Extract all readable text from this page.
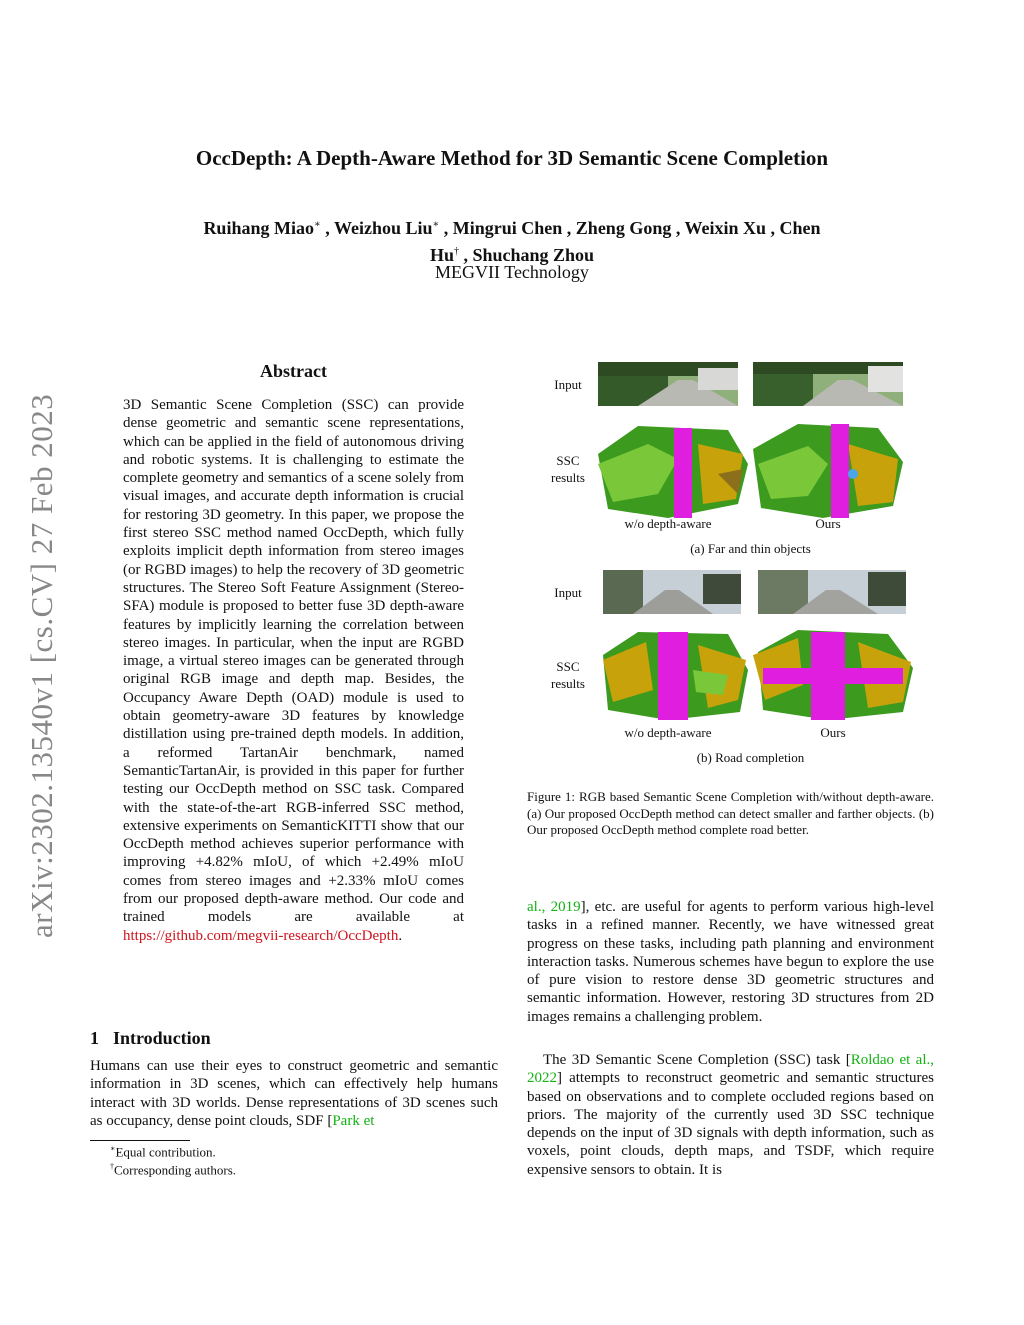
OccDepth: A Depth-Aware Method for 3D Semantic Scene Completion
Ruihang Miao∗ , Weizhou Liu∗ , Mingrui Chen , Zheng Gong , Weixin Xu , Chen
Hu† , Shuchang Zhou
MEGVII Technology
arXiv:2302.13540v1 [cs.CV] 27 Feb 2023
Abstract
3D Semantic Scene Completion (SSC) can provide dense geometric and semantic scene representations, which can be applied in the field of autonomous driving and robotic systems. It is challenging to estimate the complete geometry and semantics of a scene solely from visual images, and accurate depth information is crucial for restoring 3D geometry. In this paper, we propose the first stereo SSC method named OccDepth, which fully exploits implicit depth information from stereo images (or RGBD images) to help the recovery of 3D geometric structures. The Stereo Soft Feature Assignment (Stereo-SFA) module is proposed to better fuse 3D depth-aware features by implicitly learning the correlation between stereo images. In particular, when the input are RGBD image, a virtual stereo images can be generated through original RGB image and depth map. Besides, the Occupancy Aware Depth (OAD) module is used to obtain geometry-aware 3D features by knowledge distillation using pre-trained depth models. In addition, a reformed TartanAir benchmark, named SemanticTartanAir, is provided in this paper for further testing our OccDepth method on SSC task. Compared with the state-of-the-art RGB-inferred SSC method, extensive experiments on SemanticKITTI show that our OccDepth method achieves superior performance with improving +4.82% mIoU, of which +2.49% mIoU comes from stereo images and +2.33% mIoU comes from our proposed depth-aware method. Our code and trained models are available at https://github.com/megvii-research/OccDepth.
1 Introduction
Humans can use their eyes to construct geometric and semantic information in 3D scenes, which can effectively help humans interact with 3D worlds. Dense representations of 3D scenes such as occupancy, dense point clouds, SDF [Park et
∗Equal contribution.
†Corresponding authors.
Input
SSC
results
w/o depth-aware	Ours
(a) Far and thin objects
Input
SSC
results
w/o depth-aware	Ours
(b) Road completion
Figure 1: RGB based Semantic Scene Completion with/without depth-aware. (a) Our proposed OccDepth method can detect smaller and farther objects. (b) Our proposed OccDepth method complete road better.
al., 2019], etc. are useful for agents to perform various high-level tasks in a refined manner. Recently, we have witnessed great progress on these tasks, including path planning and environment interaction tasks. Numerous schemes have begun to explore the use of pure vision to restore dense 3D geometric structures and semantic information. However, restoring 3D structures from 2D images remains a challenging problem.
The 3D Semantic Scene Completion (SSC) task [Roldao et al., 2022] attempts to reconstruct geometric and semantic structures based on observations and to complete occluded regions based on priors. The majority of the currently used 3D SSC technique depends on the input of 3D signals with depth information, such as voxels, point clouds, depth maps, and TSDF, which require expensive sensors to obtain. It is
